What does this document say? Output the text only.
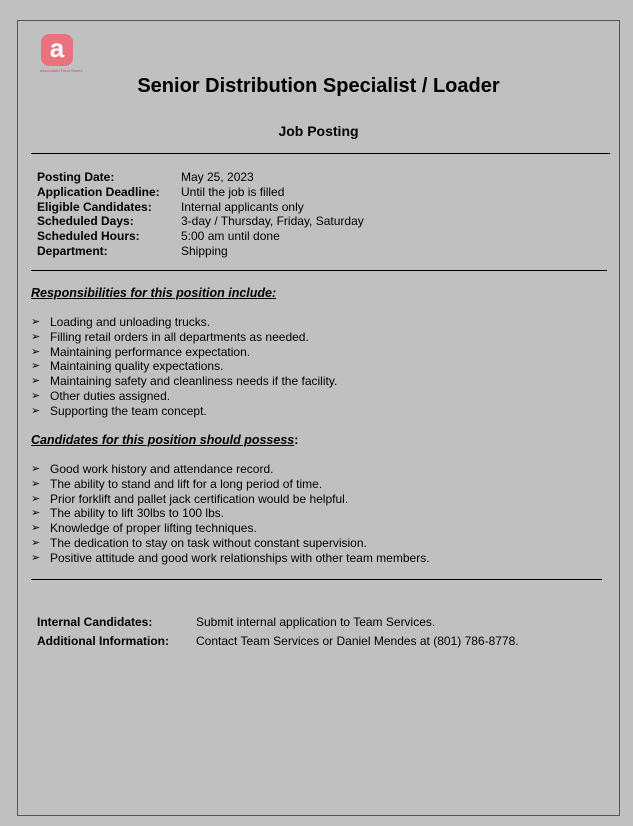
a
Associated Food Stores
Senior Distribution Specialist / Loader
Job Posting
Posting Date:	May 25, 2023
Application Deadline:	Until the job is filled
Eligible Candidates:	Internal applicants only
Scheduled Days:	3-day / Thursday, Friday, Saturday
Scheduled Hours:	5:00 am until done
Department:	Shipping
Responsibilities for this position include:
➢ Loading and unloading trucks.
➢ Filling retail orders in all departments as needed.
➢ Maintaining performance expectation.
➢ Maintaining quality expectations.
➢ Maintaining safety and cleanliness needs if the facility.
➢ Other duties assigned.
➢ Supporting the team concept.
Candidates for this position should possess:
➢ Good work history and attendance record.
➢ The ability to stand and lift for a long period of time.
➢ Prior forklift and pallet jack certification would be helpful.
➢ The ability to lift 30lbs to 100 lbs.
➢ Knowledge of proper lifting techniques.
➢ The dedication to stay on task without constant supervision.
➢ Positive attitude and good work relationships with other team members.
Internal Candidates:	Submit internal application to Team Services.
Additional Information:	Contact Team Services or Daniel Mendes at (801) 786-8778.
